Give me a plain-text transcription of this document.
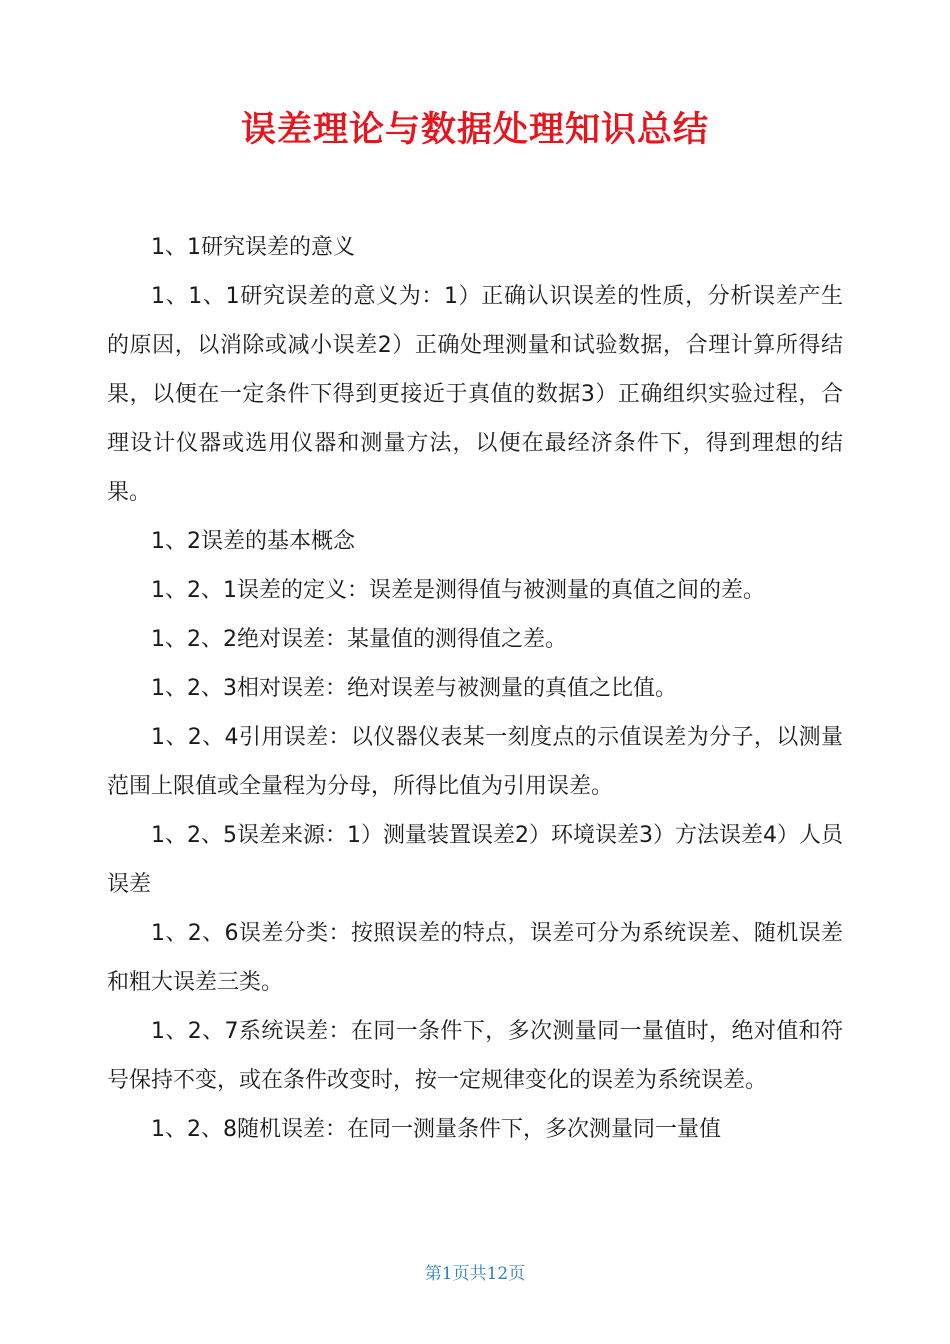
误差理论与数据处理知识总结

1、1研究误差的意义

1、1、1研究误差的意义为：1）正确认识误差的性质，分析误差产生的原因，以消除或减小误差2）正确处理测量和试验数据，合理计算所得结果，以便在一定条件下得到更接近于真值的数据3）正确组织实验过程，合理设计仪器或选用仪器和测量方法，以便在最经济条件下，得到理想的结果。

1、2误差的基本概念

1、2、1误差的定义：误差是测得值与被测量的真值之间的差。

1、2、2绝对误差：某量值的测得值之差。

1、2、3相对误差：绝对误差与被测量的真值之比值。

1、2、4引用误差：以仪器仪表某一刻度点的示值误差为分子，以测量范围上限值或全量程为分母，所得比值为引用误差。

1、2、5误差来源：1）测量装置误差2）环境误差3）方法误差4）人员误差

1、2、6误差分类：按照误差的特点，误差可分为系统误差、随机误差和粗大误差三类。

1、2、7系统误差：在同一条件下，多次测量同一量值时，绝对值和符号保持不变，或在条件改变时，按一定规律变化的误差为系统误差。

1、2、8随机误差：在同一测量条件下，多次测量同一量值

第1页共12页
